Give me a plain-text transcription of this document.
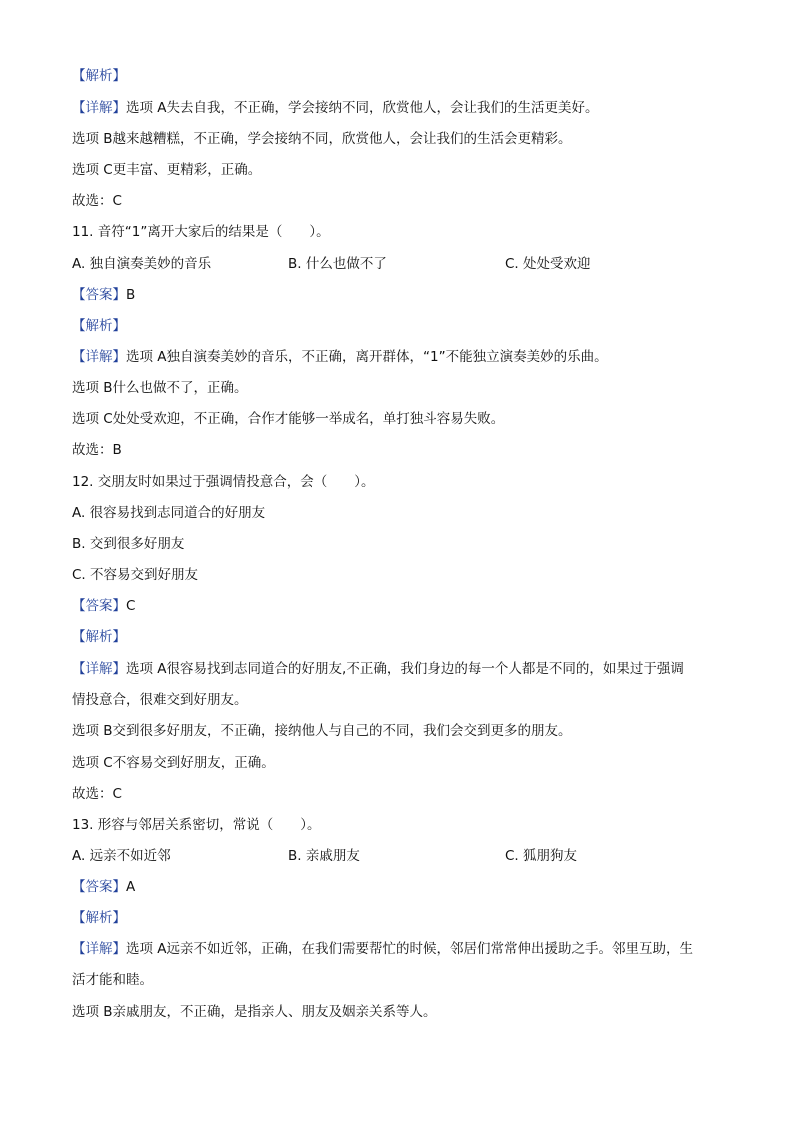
【解析】
【详解】选项 A失去自我，不正确，学会接纳不同，欣赏他人，会让我们的生活更美好。
选项 B越来越糟糕，不正确，学会接纳不同，欣赏他人，会让我们的生活会更精彩。
选项 C更丰富、更精彩，正确。
故选：C
11. 音符“1”离开大家后的结果是（　　）。
A. 独自演奏美妙的音乐	B. 什么也做不了	C. 处处受欢迎
【答案】B
【解析】
【详解】选项 A独自演奏美妙的音乐，不正确，离开群体，“1”不能独立演奏美妙的乐曲。
选项 B什么也做不了，正确。
选项 C处处受欢迎，不正确，合作才能够一举成名，单打独斗容易失败。
故选：B
12. 交朋友时如果过于强调情投意合，会（　　）。
A. 很容易找到志同道合的好朋友
B. 交到很多好朋友
C. 不容易交到好朋友
【答案】C
【解析】
【详解】选项 A很容易找到志同道合的好朋友,不正确，我们身边的每一个人都是不同的，如果过于强调
情投意合，很难交到好朋友。
选项 B交到很多好朋友，不正确，接纳他人与自己的不同，我们会交到更多的朋友。
选项 C不容易交到好朋友，正确。
故选：C
13. 形容与邻居关系密切，常说（　　）。
A. 远亲不如近邻	B. 亲戚朋友	C. 狐朋狗友
【答案】A
【解析】
【详解】选项 A远亲不如近邻，正确，在我们需要帮忙的时候，邻居们常常伸出援助之手。邻里互助，生
活才能和睦。
选项 B亲戚朋友，不正确，是指亲人、朋友及姻亲关系等人。
